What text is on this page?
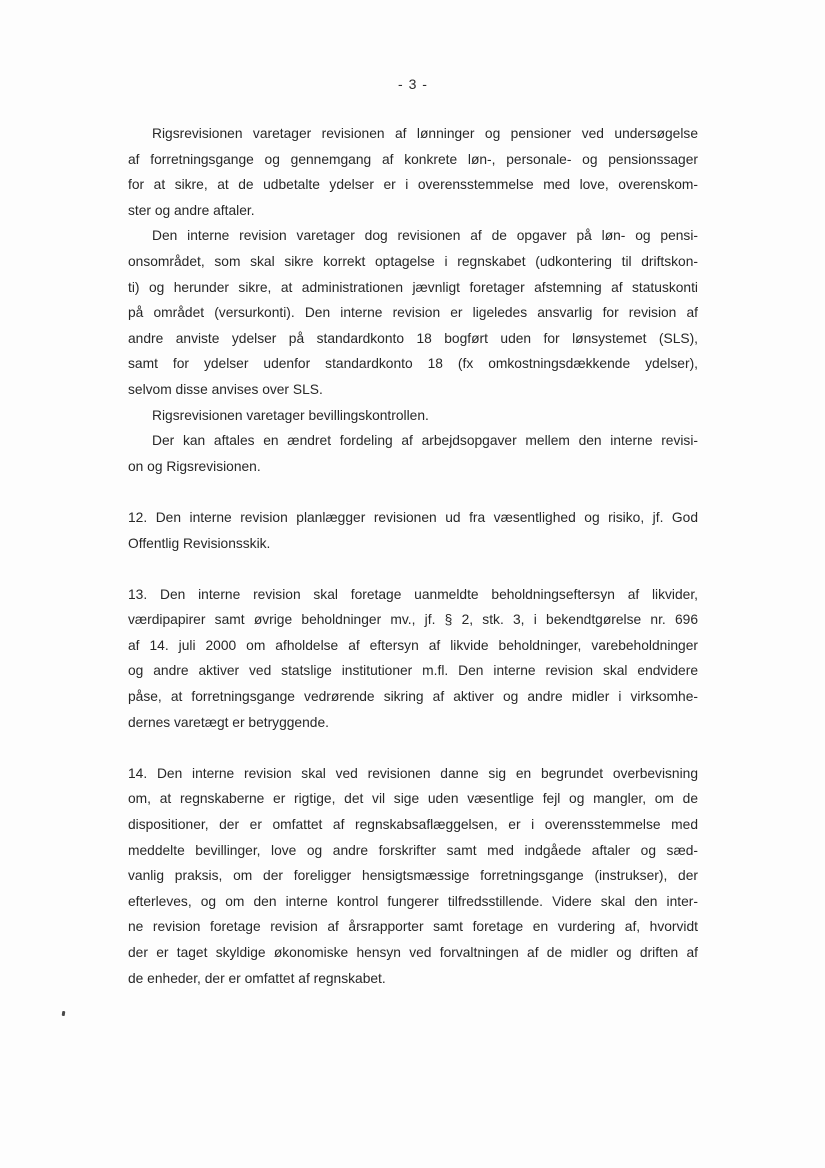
- 3 -
Rigsrevisionen varetager revisionen af lønninger og pensioner ved undersøgelse
af forretningsgange og gennemgang af konkrete løn-, personale- og pensionssager
for at sikre, at de udbetalte ydelser er i overensstemmelse med love, overenskom-
ster og andre aftaler.
Den interne revision varetager dog revisionen af de opgaver på løn- og pensi-
onsområdet, som skal sikre korrekt optagelse i regnskabet (udkontering til driftskon-
ti) og herunder sikre, at administrationen jævnligt foretager afstemning af statuskonti
på området (versurkonti). Den interne revision er ligeledes ansvarlig for revision af
andre anviste ydelser på standardkonto 18 bogført uden for lønsystemet (SLS),
samt for ydelser udenfor standardkonto 18 (fx omkostningsdækkende ydelser),
selvom disse anvises over SLS.
Rigsrevisionen varetager bevillingskontrollen.
Der kan aftales en ændret fordeling af arbejdsopgaver mellem den interne revisi-
on og Rigsrevisionen.
12. Den interne revision planlægger revisionen ud fra væsentlighed og risiko, jf. God
Offentlig Revisionsskik.
13. Den interne revision skal foretage uanmeldte beholdningseftersyn af likvider,
værdipapirer samt øvrige beholdninger mv., jf. § 2, stk. 3, i bekendtgørelse nr. 696
af 14. juli 2000 om afholdelse af eftersyn af likvide beholdninger, varebeholdninger
og andre aktiver ved statslige institutioner m.fl. Den interne revision skal endvidere
påse, at forretningsgange vedrørende sikring af aktiver og andre midler i virksomhe-
dernes varetægt er betryggende.
14. Den interne revision skal ved revisionen danne sig en begrundet overbevisning
om, at regnskaberne er rigtige, det vil sige uden væsentlige fejl og mangler, om de
dispositioner, der er omfattet af regnskabsaflæggelsen, er i overensstemmelse med
meddelte bevillinger, love og andre forskrifter samt med indgåede aftaler og sæd-
vanlig praksis, om der foreligger hensigtsmæssige forretningsgange (instrukser), der
efterleves, og om den interne kontrol fungerer tilfredsstillende. Videre skal den inter-
ne revision foretage revision af årsrapporter samt foretage en vurdering af, hvorvidt
der er taget skyldige økonomiske hensyn ved forvaltningen af de midler og driften af
de enheder, der er omfattet af regnskabet.
